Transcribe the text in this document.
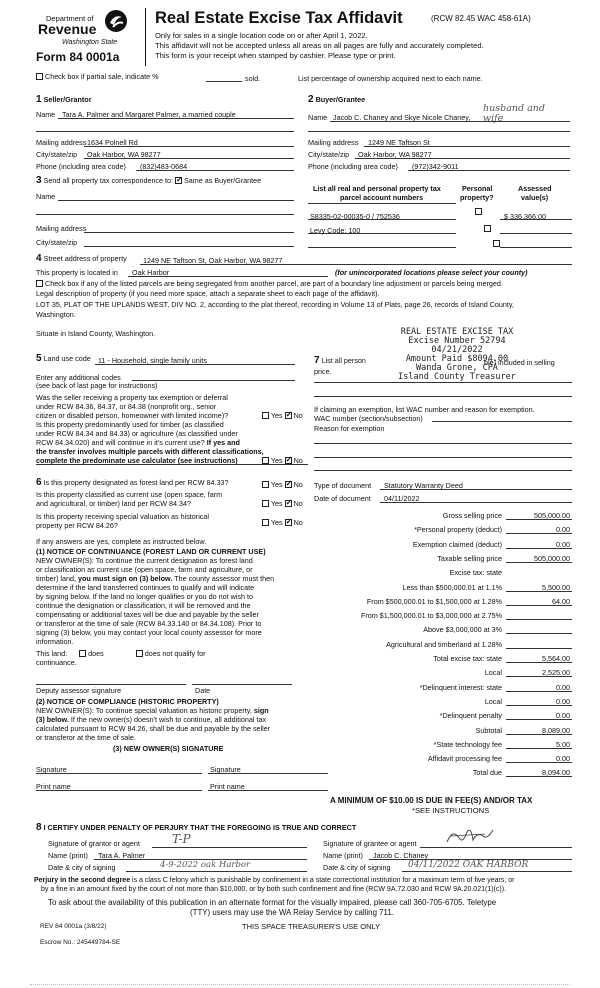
Department of
Revenue
Washington State
Form 84 0001a
Real Estate Excise Tax Affidavit	(RCW 82.45 WAC 458-61A)
Only for sales in a single location code on or after April 1, 2022.
This affidavit will not be accepted unless all areas on all pages are fully and accurately completed.
This form is your receipt when stamped by cashier. Please type or print.
Check box if partial sale, indicate %	sold.	List percentage of ownership acquired next to each name.
1 Seller/Grantor
Name Tara A. Palmer and Margaret Palmer, a married couple
Mailing address 1634 Polnell Rd
City/state/zip Oak Harbor, WA 98277
Phone (including area code) (832)483-0684
2 Buyer/Grantee
Name Jacob C. Chaney and Skye Nicole Chaney,
husband and wife
Mailing address 1249 NE Taftson St
City/state/zip Oak Harbor, WA 98277
Phone (including area code) (972)342-9011
3 Send all property tax correspondence to: ✓ Same as Buyer/Grantee
Name
Mailing address
City/state/zip
List all real and personal property tax
parcel account numbers
Personal
property?
Assessed
value(s)
S8335-02-00035-0 / 752536
	$ 336,366.00
Levy Code: 100

4 Street address of property 1249 NE Taftson St, Oak Harbor, WA 98277
This property is located in Oak Harbor	(for unincorporated locations please select your county)
Check box if any of the listed parcels are being segregated from another parcel, are part of a boundary line adjustment or parcels being merged.
Legal description of property (if you need more space, attach a separate sheet to each page of the affidavit).
LOT 35, PLAT OF THE UPLANDS WEST, DIV NO. 2, according to the plat thereof, recording in Volume 13 of Plats, page 26, records of Island County,
Washington.
Situate in Island County, Washington.	REAL ESTATE EXCISE TAX
Excise Number 52794
04/21/2022
Amount Paid $8094.00
Wanda Grone, CPA
Island County Treasurer
5 Land use code 11 - Household, single family units
Enter any additional codes
(see back of last page for instructions)
Was the seller receiving a property tax exemption or deferral
under RCW 84.36, 84.37, or 84.38 (nonprofit org., senior
citizen or disabled person, homeowner with limited income)?	Yes ✓ No
Is this property predominantly used for timber (as classified
under RCW 84.34 and 84.33) or agriculture (as classified under
RCW 84.34.020) and will continue in it's current use? If yes and
the transfer involves multiple parcels with different classifications,
complete the predominate use calculator (see instructions)	Yes ✓ No
7 List all person	ble) included in selling
price.
If claiming an exemption, list WAC number and reason for exemption.
WAC number (section/subsection)
Reason for exemption
6 Is this property designated as forest land per RCW 84.33?	Yes ✓ No
Is this property classified as current use (open space, farm
and agricultural, or timber) land per RCW 84.34?	Yes ✓ No
Is this property receiving special valuation as historical
property per RCW 84.26?	Yes ✓ No
If any answers are yes, complete as instructed below.
(1) NOTICE OF CONTINUANCE (FOREST LAND OR CURRENT USE)
NEW OWNER(S): To continue the current designation as forest land
or classification as current use (open space, farm and agriculture, or
timber) land, you must sign on (3) below. The county assessor must then
determine if the land transferred continues to qualify and will indicate
by signing below. If the land no longer qualifies or you do not wish to
continue the designation or classification, it will be removed and the
compensating or additional taxes will be due and payable by the seller
or transferor at the time of sale (RCW 84.33.140 or 84.34.108). Prior to
signing (3) below, you may contact your local county assessor for more
information.
This land:	does	does not qualify for
continuance.
Deputy assessor signature	Date
(2) NOTICE OF COMPLIANCE (HISTORIC PROPERTY)
NEW OWNER(S): To continue special valuation as historic property, sign
(3) below. If the new owner(s) doesn't wish to continue, all additional tax
calculated pursuant to RCW 84.26, shall be due and payable by the seller
or transferor at the time of sale.
(3) NEW OWNER(S) SIGNATURE
Signature	Signature
Print name	Print name
Type of document Statutory Warranty Deed
Date of document 04/11/2022
Gross selling price	505,000.00
*Personal property (deduct)	0.00
Exemption claimed (deduct)	0.00
Taxable selling price	505,000.00
Excise tax: state
Less than $500,000.01 at 1.1%	5,500.00
From $500,000.01 to $1,500,000 at 1.28%	64.00
From $1,500,000.01 to $3,000,000 at 2.75%
Above $3,000,000 at 3%
Agricultural and timberland at 1.28%
Total excise tax: state	5,564.00
Local	2,525.00
*Delinquent interest: state	0.00
Local	0.00
*Delinquent penalty	0.00
Subtotal	8,089.00
*State technology fee	5.00
Affidavit processing fee	0.00
Total due	8,094.00
A MINIMUM OF $10.00 IS DUE IN FEE(S) AND/OR TAX
*SEE INSTRUCTIONS
8 I CERTIFY UNDER PENALTY OF PERJURY THAT THE FOREGOING IS TRUE AND CORRECT
Signature of grantor or agent	T-P
Name (print) Tara A. Palmer
Date & city of signing	4-9-2022 oak Harbor
Signature of grantee or agent
Name (print) Jacob C. Chaney
Date & city of signing 04/11/2022 OAK HARBOR
Perjury in the second degree is a class C felony which is punishable by confinement in a state correctional institution for a maximum term of five years, or
by a fine in an amount fixed by the court of not more than $10,000, or by both such confinement and fine (RCW 9A.72.030 and RCW 9A.20.021(1)(c)).
To ask about the availability of this publication in an alternate format for the visually impaired, please call 360-705-6705. Teletype
(TTY) users may use the WA Relay Service by calling 711.
REV 84 0001a (3/8/22)	THIS SPACE TREASURER'S USE ONLY
Escrow No.: 245449784-SE
